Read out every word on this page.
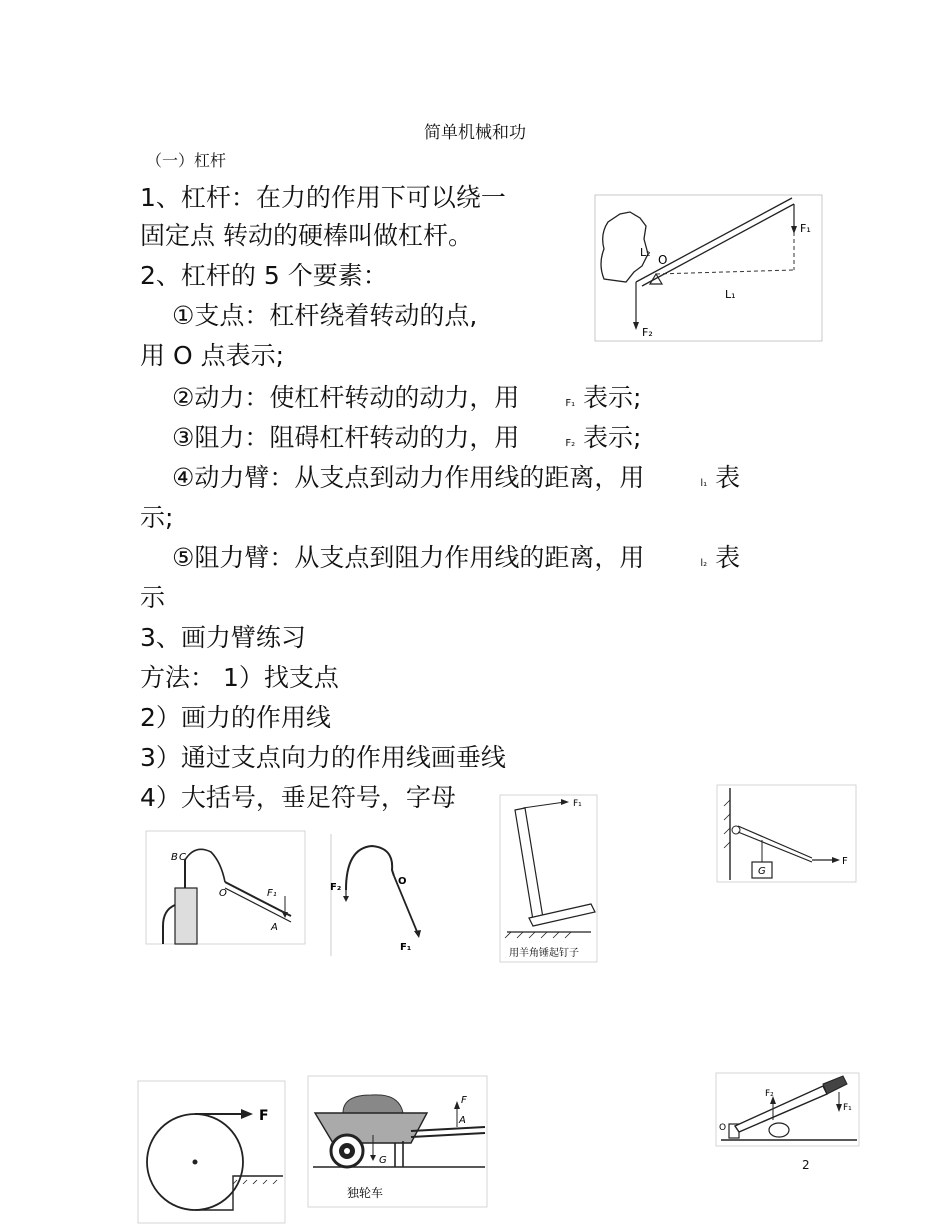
简单机械和功
（一）杠杆
1、杠杆：在力的作用下可以绕一
固定点 转动的硬棒叫做杠杆。
2、杠杆的 5 个要素：
①支点：杠杆绕着转动的点,
用 O 点表示;
②动力：使杠杆转动的动力，用	F₁ 表示;
③阻力：阻碍杠杆转动的力，用	F₂ 表示;
④动力臂：从支点到动力作用线的距离，用	l₁ 表
示;
⑤阻力臂：从支点到阻力作用线的距离，用	l₂ 表
示
3、画力臂练习
方法： 1）找支点
2）画力的作用线
3）通过支点向力的作用线画垂线
4）大括号，垂足符号，字母
F₁
F₂
L₁
L₂
O
B C
O	F₁
A
F₂
O
F₁
F₁
用羊角锤起钉子
G
F
F
F
A
G
独轮车
F₂
F₁
O
2
